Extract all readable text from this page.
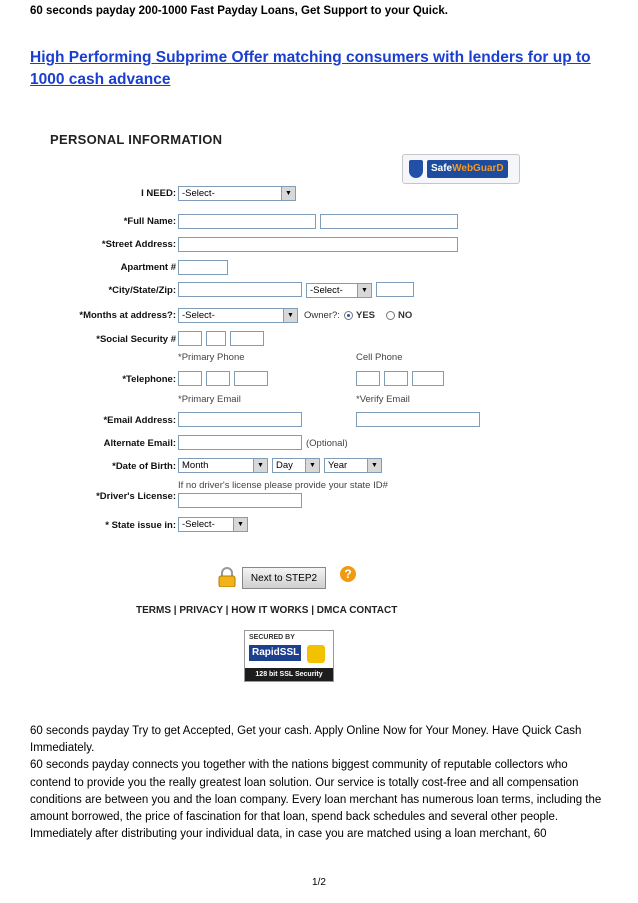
60 seconds payday 200-1000 Fast Payday Loans, Get Support to your Quick.
High Performing Subprime Offer matching consumers with lenders for up to 1000 cash advance
PERSONAL INFORMATION
SafeWebGuarD
I NEED: -Select-	▼
*Full Name:
*Street Address:
Apartment #
*City/State/Zip:	-Select-	▼
*Months at address?: -Select-	▼	Owner?: YES NO
*Social Security #
*Primary Phone	Cell Phone
*Telephone:
*Primary Email	*Verify Email
*Email Address:
Alternate Email:	(Optional)
*Date of Birth: Month	▼	Day	▼	Year	▼
If no driver's license please provide your state ID#
*Driver's License:
* State issue in: -Select-	▼
Next to STEP2	?
TERMS | PRIVACY | HOW IT WORKS | DMCA CONTACT
SECURED BY
RapidSSL
128 bit SSL Security

60 seconds payday Try to get Accepted, Get your cash. Apply Online Now for Your Money. Have Quick Cash Immediately.

60 seconds payday connects you together with the nations biggest community of reputable collectors who contend to provide you the really greatest loan solution. Our service is totally cost-free and all compensation conditions are between you and the loan company. Every loan merchant has numerous loan terms, including the amount borrowed, the price of fascination for that loan, spend back schedules and several other people. Immediately after distributing your individual data, in case you are matched using a loan merchant, 60

1/2
